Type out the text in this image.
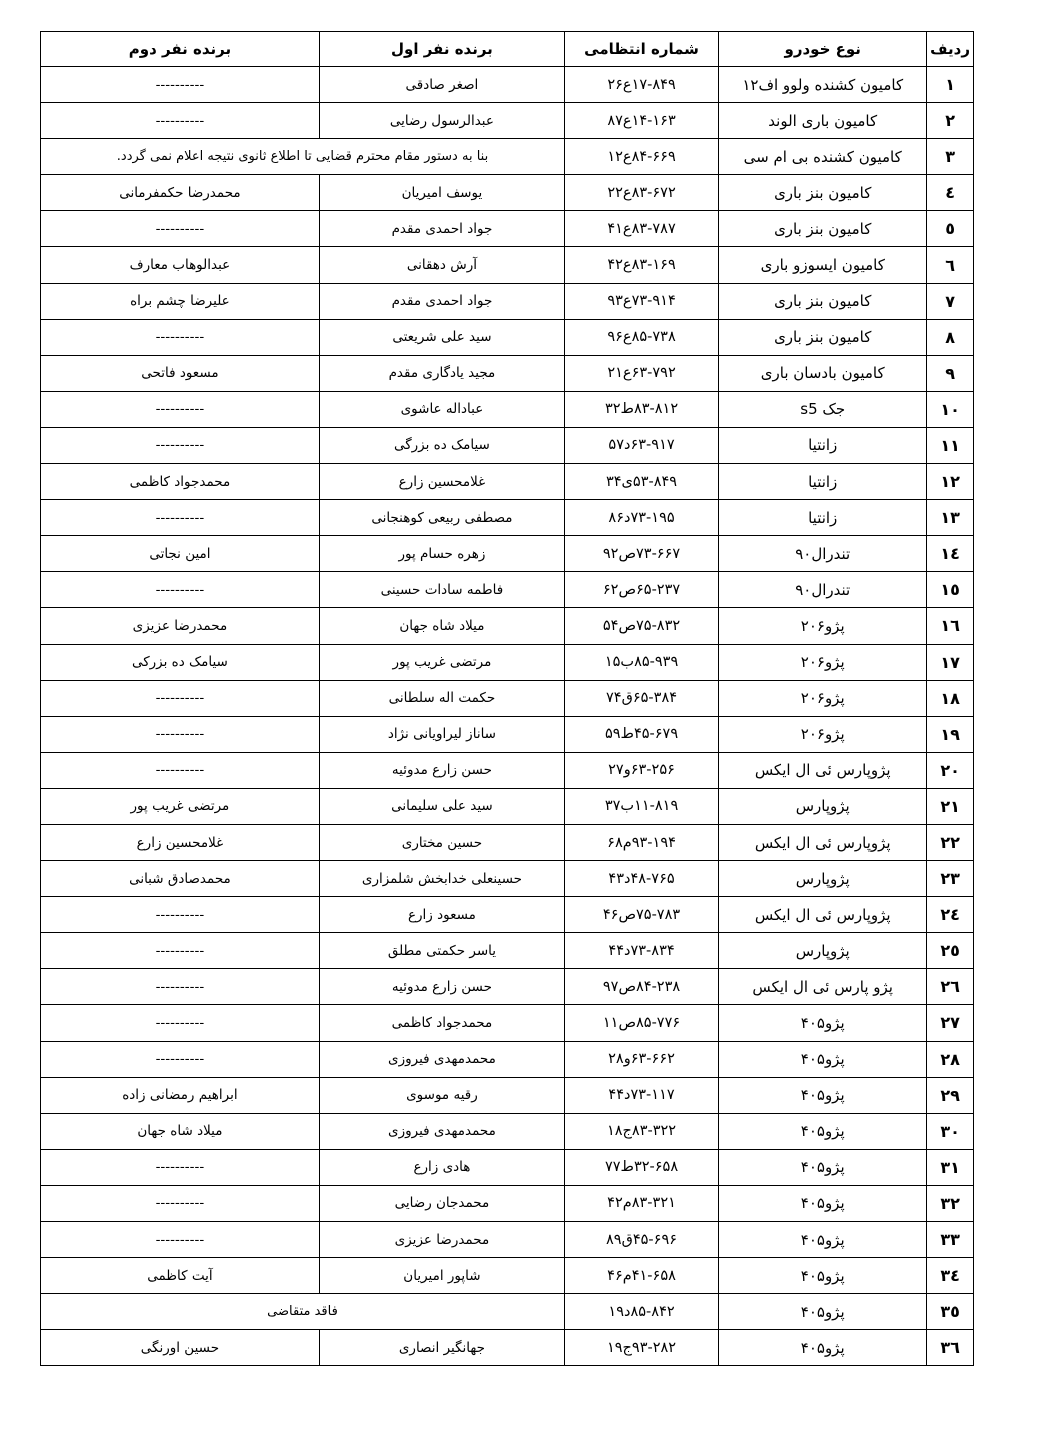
ردیف	نوع خودرو	شماره انتظامی	برنده نفر اول	برنده نفر دوم
۱	کامیون کشنده ولوو اف۱۲	۱۷-۸۴۹ع۲۶	اصغر صادقی	----------
۲	کامیون باری الوند	۱۴-۱۶۳ع۸۷	عبدالرسول رضایی	----------
۳	کامیون کشنده بی ام سی	۸۴-۶۶۹ع۱۲	بنا به دستور مقام محترم قضایی تا اطلاع ثانوی نتیجه اعلام نمی گردد.	
٤	کامیون بنز باری	۸۳-۶۷۲ع۲۲	یوسف امیریان	محمدرضا حکمفرمانی
٥	کامیون بنز باری	۸۳-۷۸۷ع۴۱	جواد احمدی مقدم	----------
٦	کامیون ایسوزو باری	۸۳-۱۶۹ع۴۲	آرش دهقانی	عبدالوهاب معارف
۷	کامیون بنز باری	۷۳-۹۱۴ع۹۳	جواد احمدی مقدم	علیرضا چشم براه
۸	کامیون بنز باری	۸۵-۷۳۸ع۹۶	سید علی شریعتی	----------
۹	کامیون بادسان باری	۶۳-۷۹۲ع۲۱	مجید یادگاری مقدم	مسعود فاتحی
۱۰	جک s5	۸۳-۸۱۲ط۳۲	عباداله عاشوی	----------
۱۱	زانتیا	۶۳-۹۱۷د۵۷	سیامک ده بزرگی	----------
۱۲	زانتیا	۵۳-۸۴۹ی۳۴	غلامحسین زارع	محمدجواد کاظمی
۱۳	زانتیا	۷۳-۱۹۵د۸۶	مصطفی ربیعی کوهنجانی	----------
۱٤	تندرال۹۰	۷۳-۶۶۷ص۹۲	زهره حسام پور	امین نجاتی
۱٥	تندرال۹۰	۶۵-۲۳۷ص۶۲	فاطمه سادات حسینی	----------
۱٦	پژو۲۰۶	۷۵-۸۳۲ص۵۴	میلاد شاه جهان	محمدرضا عزیزی
۱۷	پژو۲۰۶	۸۵-۹۳۹ب۱۵	مرتضی غریب پور	سیامک ده بزرکی
۱۸	پژو۲۰۶	۶۵-۳۸۴ق۷۴	حکمت اله سلطانی	----------
۱۹	پژو۲۰۶	۴۵-۶۷۹ط۵۹	ساناز لیراویانی نژاد	----------
۲۰	پژوپارس ئی ال ایکس	۶۳-۲۵۶و۲۷	حسن زارع مدوئیه	----------
۲۱	پژوپارس	۱۱-۸۱۹ب۳۷	سید علی سلیمانی	مرتضی غریب پور
۲۲	پژوپارس ئی ال ایکس	۹۳-۱۹۴م۶۸	حسین مختاری	غلامحسین زارع
۲۳	پژوپارس	۴۸-۷۶۵د۴۳	حسینعلی خدابخش شلمزاری	محمدصادق شبانی
۲٤	پژوپارس ئی ال ایکس	۷۵-۷۸۳ص۴۶	مسعود زارع	----------
۲٥	پژوپارس	۷۳-۸۳۴د۴۴	یاسر حکمتی مطلق	----------
۲٦	پژو پارس ئی ال ایکس	۸۴-۲۳۸ص۹۷	حسن زارع مدوئیه	----------
۲۷	پژو۴۰۵	۸۵-۷۷۶ص۱۱	محمدجواد کاظمی	----------
۲۸	پژو۴۰۵	۶۳-۶۶۲و۲۸	محمدمهدی فیروزی	----------
۲۹	پژو۴۰۵	۷۳-۱۱۷د۴۴	رقیه موسوی	ابراهیم رمضانی زاده
۳۰	پژو۴۰۵	۸۳-۳۲۲ج۱۸	محمدمهدی فیروزی	میلاد شاه جهان
۳۱	پژو۴۰۵	۳۲-۶۵۸ط۷۷	هادی زارع	----------
۳۲	پژو۴۰۵	۸۳-۳۲۱م۴۲	محمدجان رضایی	----------
۳۳	پژو۴۰۵	۴۵-۶۹۶ق۸۹	محمدرضا عزیزی	----------
۳٤	پژو۴۰۵	۴۱-۶۵۸م۴۶	شاپور امیریان	آیت کاظمی
۳٥	پژو۴۰۵	۸۵-۸۴۲د۱۹	فاقد متقاضی	
۳٦	پژو۴۰۵	۹۳-۲۸۲ج۱۹	جهانگیر انصاری	حسین اورنگی
